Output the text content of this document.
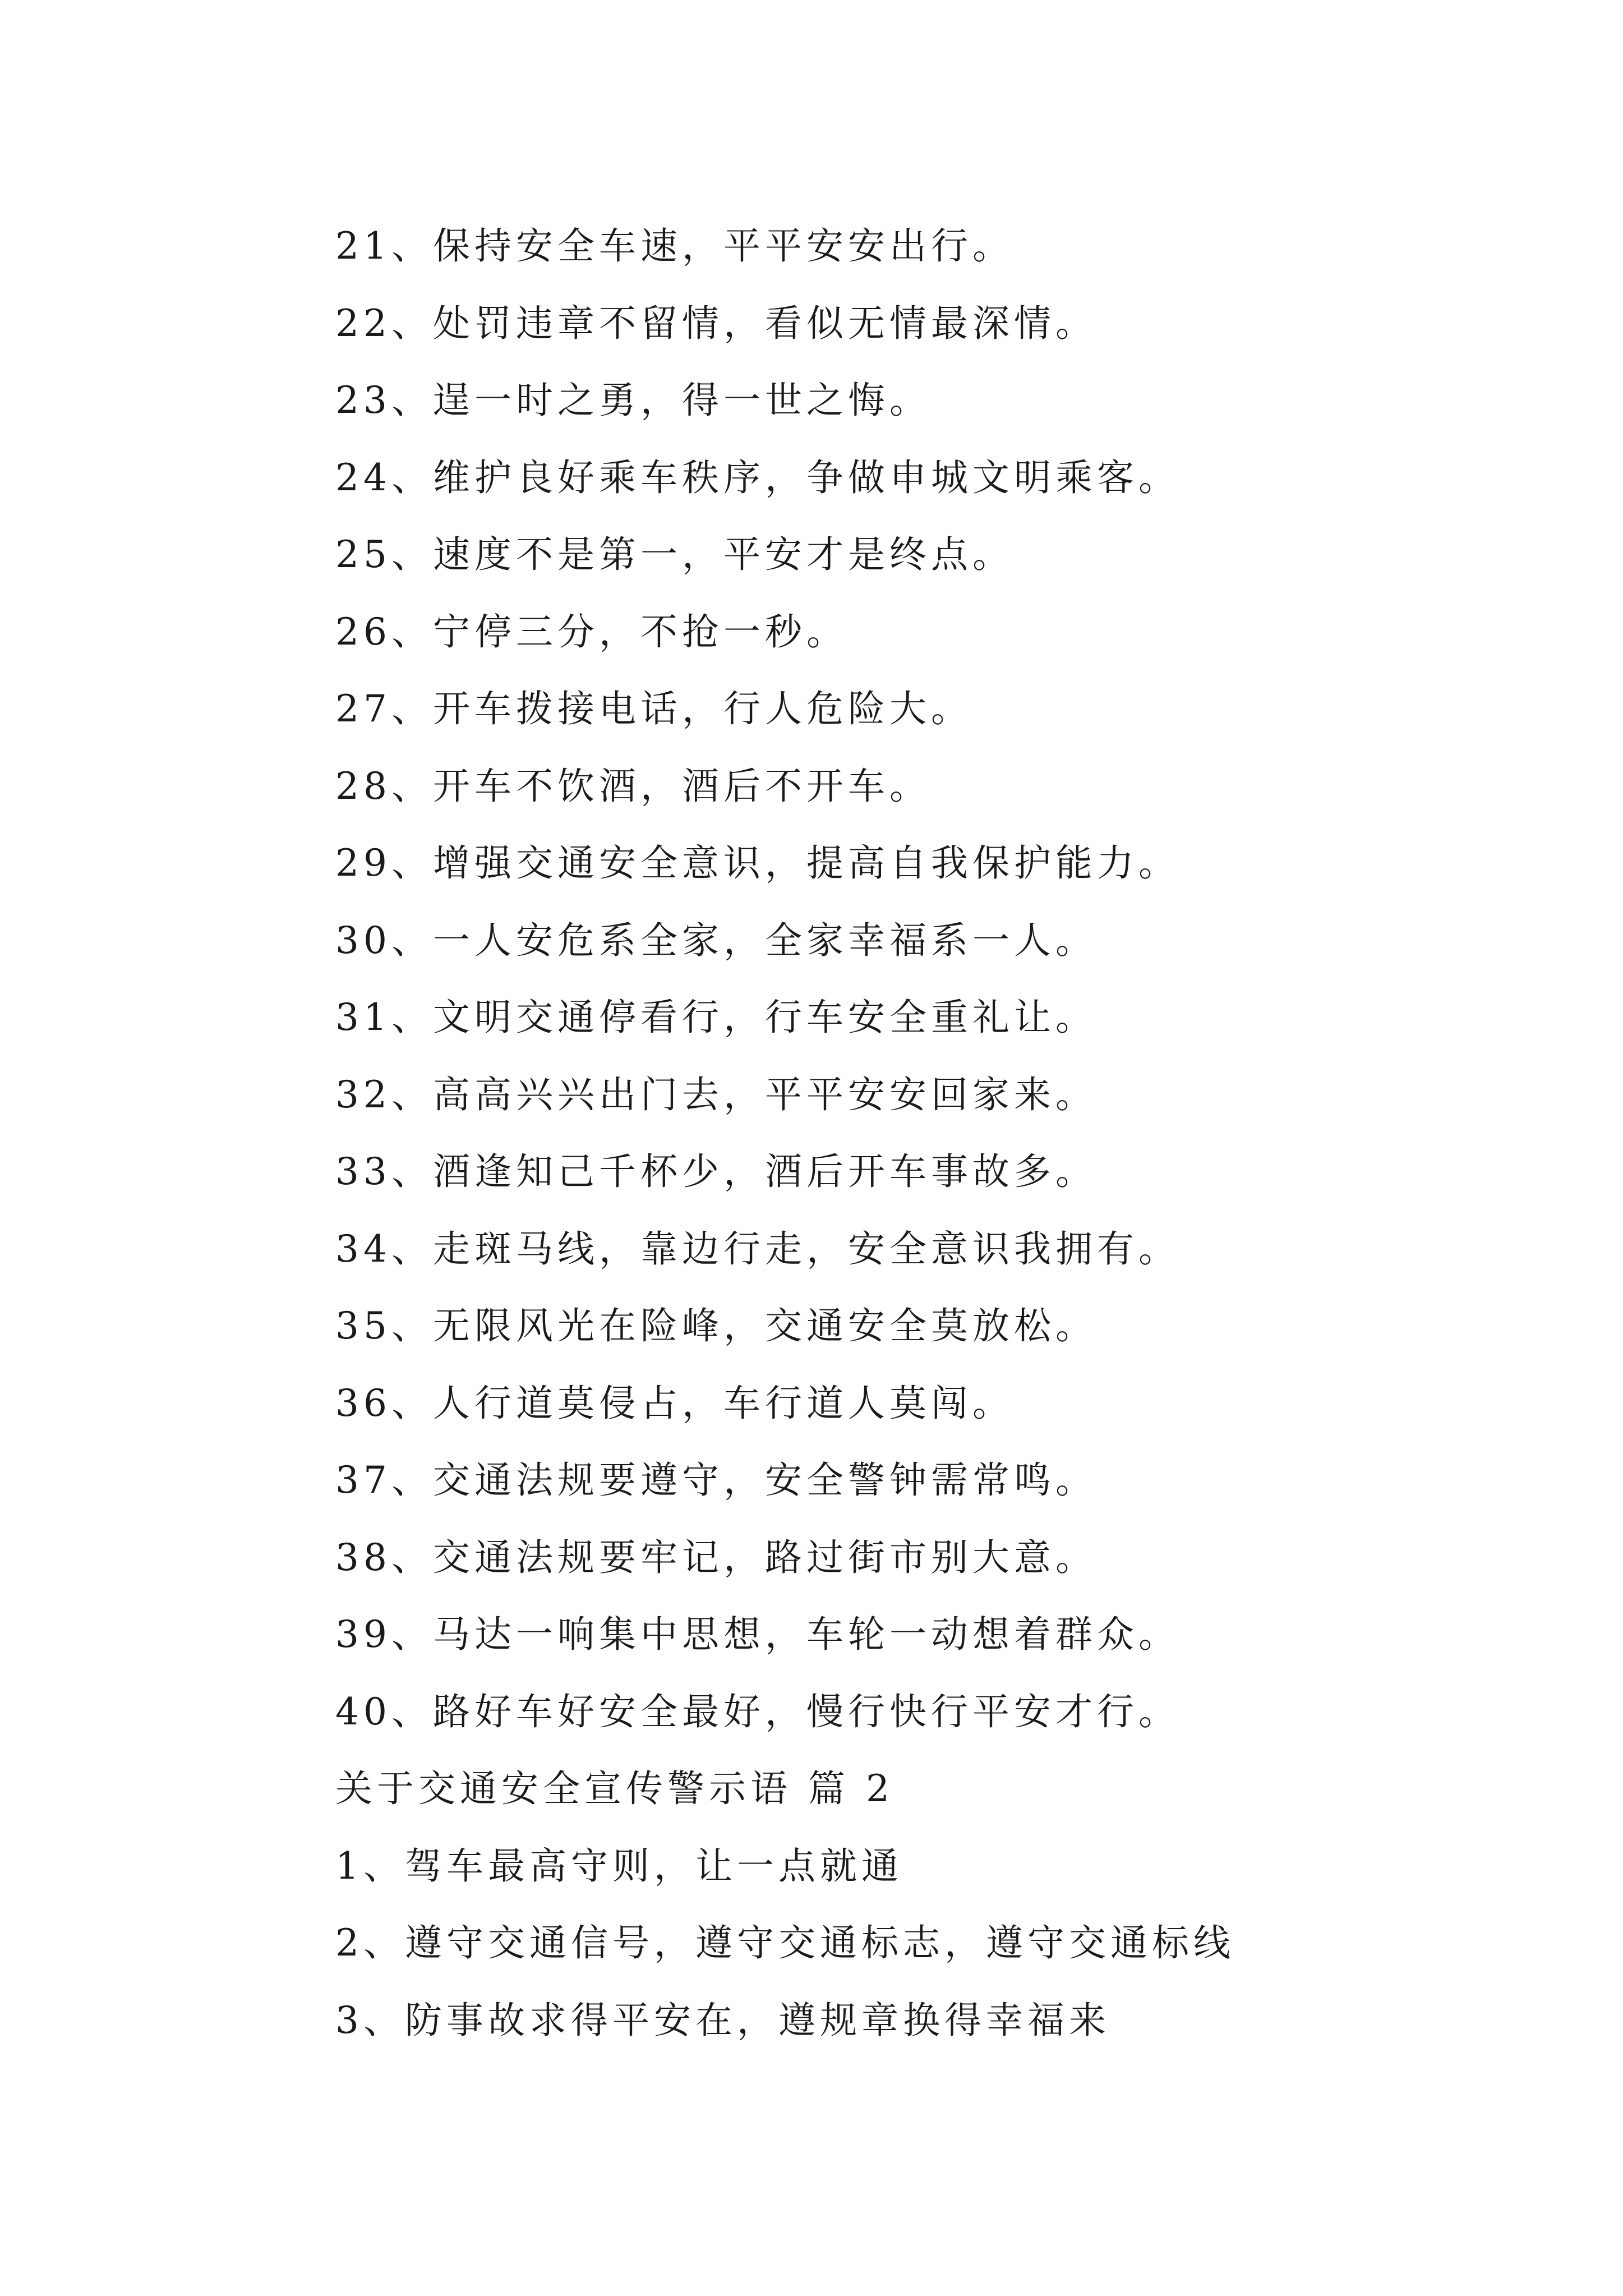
21、保持安全车速，平平安安出行。
22、处罚违章不留情，看似无情最深情。
23、逞一时之勇，得一世之悔。
24、维护良好乘车秩序，争做申城文明乘客。
25、速度不是第一，平安才是终点。
26、宁停三分，不抢一秒。
27、开车拨接电话，行人危险大。
28、开车不饮酒，酒后不开车。
29、增强交通安全意识，提高自我保护能力。
30、一人安危系全家，全家幸福系一人。
31、文明交通停看行，行车安全重礼让。
32、高高兴兴出门去，平平安安回家来。
33、酒逢知己千杯少，酒后开车事故多。
34、走斑马线，靠边行走，安全意识我拥有。
35、无限风光在险峰，交通安全莫放松。
36、人行道莫侵占，车行道人莫闯。
37、交通法规要遵守，安全警钟需常鸣。
38、交通法规要牢记，路过街市别大意。
39、马达一响集中思想，车轮一动想着群众。
40、路好车好安全最好，慢行快行平安才行。
关于交通安全宣传警示语 篇 2
1、驾车最高守则，让一点就通
2、遵守交通信号，遵守交通标志，遵守交通标线
3、防事故求得平安在，遵规章换得幸福来
